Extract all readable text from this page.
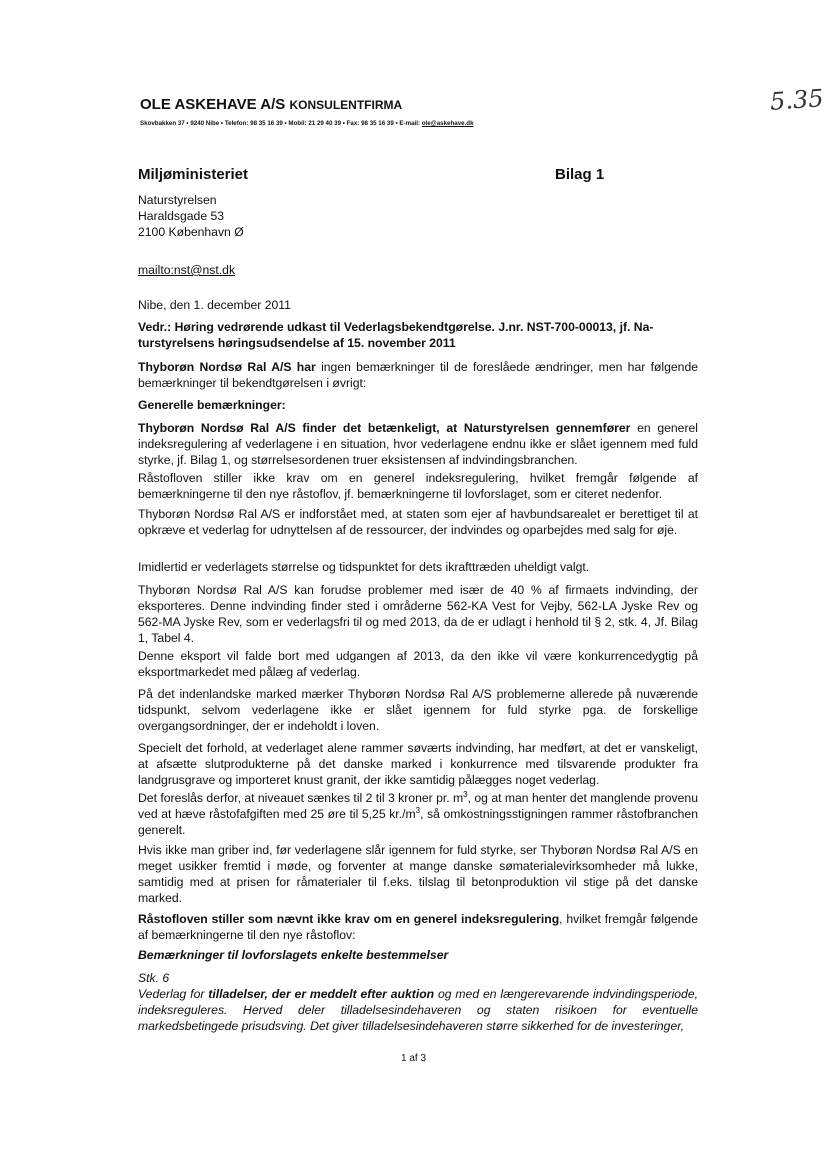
5.35
OLE ASKEHAVE A/S KONSULENTFIRMA
Skovbakken 37 • 9240 Nibe • Telefon: 98 35 16 39 • Mobil: 21 29 40 39 • Fax: 98 35 16 39 • E-mail: ole@askehave.dk
Miljøministeriet	Bilag 1
Naturstyrelsen
Haraldsgade 53
2100 København Ø
mailto:nst@nst.dk
Nibe, den 1. december 2011
Vedr.: Høring vedrørende udkast til Vederlagsbekendtgørelse. J.nr. NST-700-00013, jf. Na-
turstyrelsens høringsudsendelse af 15. november 2011
Thyborøn Nordsø Ral A/S har ingen bemærkninger til de foreslåede ændringer, men har følgende bemærkninger til bekendtgørelsen i øvrigt:
Generelle bemærkninger:
Thyborøn Nordsø Ral A/S finder det betænkeligt, at Naturstyrelsen gennemfører en generel indeksregulering af vederlagene i en situation, hvor vederlagene endnu ikke er slået igennem med fuld styrke, jf. Bilag 1, og størrelsesordenen truer eksistensen af indvindingsbranchen.
Råstofloven stiller ikke krav om en generel indeksregulering, hvilket fremgår følgende af bemærkningerne til den nye råstoflov, jf. bemærkningerne til lovforslaget, som er citeret nedenfor.
Thyborøn Nordsø Ral A/S er indforstået med, at staten som ejer af havbundsarealet er berettiget til at opkræve et vederlag for udnyttelsen af de ressourcer, der indvindes og oparbejdes med salg for øje.
Imidlertid er vederlagets størrelse og tidspunktet for dets ikrafttræden uheldigt valgt.
Thyborøn Nordsø Ral A/S kan forudse problemer med især de 40 % af firmaets indvinding, der eksporteres. Denne indvinding finder sted i områderne 562-KA Vest for Vejby, 562-LA Jyske Rev og 562-MA Jyske Rev, som er vederlagsfri til og med 2013, da de er udlagt i henhold til § 2, stk. 4, Jf. Bilag 1, Tabel 4.
Denne eksport vil falde bort med udgangen af 2013, da den ikke vil være konkurrencedygtig på eksportmarkedet med pålæg af vederlag.
På det indenlandske marked mærker Thyborøn Nordsø Ral A/S problemerne allerede på nuværende tidspunkt, selvom vederlagene ikke er slået igennem for fuld styrke pga. de forskellige overgangsordninger, der er indeholdt i loven.
Specielt det forhold, at vederlaget alene rammer søværts indvinding, har medført, at det er vanskeligt, at afsætte slutprodukterne på det danske marked i konkurrence med tilsvarende produkter fra landgrusgrave og importeret knust granit, der ikke samtidig pålægges noget vederlag.
Det foreslås derfor, at niveauet sænkes til 2 til 3 kroner pr. $m^3$, og at man henter det manglende provenu ved at hæve råstofafgiften med 25 øre til 5,25 $kr./m^3$, så omkostningsstigningen rammer råstofbranchen generelt.
Hvis ikke man griber ind, før vederlagene slår igennem for fuld styrke, ser Thyborøn Nordsø Ral A/S en meget usikker fremtid i møde, og forventer at mange danske sømaterialevirksomheder må lukke, samtidig med at prisen for råmaterialer til f.eks. tilslag til betonproduktion vil stige på det danske marked.
Råstofloven stiller som nævnt ikke krav om en generel indeksregulering, hvilket fremgår følgende af bemærkningerne til den nye råstoflov:
Bemærkninger til lovforslagets enkelte bestemmelser
Stk. 6
Vederlag for tilladelser, der er meddelt efter auktion og med en længerevarende indvindingsperiode, indeksreguleres. Herved deler tilladelsesindehaveren og staten risikoen for eventuelle markedsbetingede prisudsving. Det giver tilladelsesindehaveren større sikkerhed for de investeringer,
1 af 3
